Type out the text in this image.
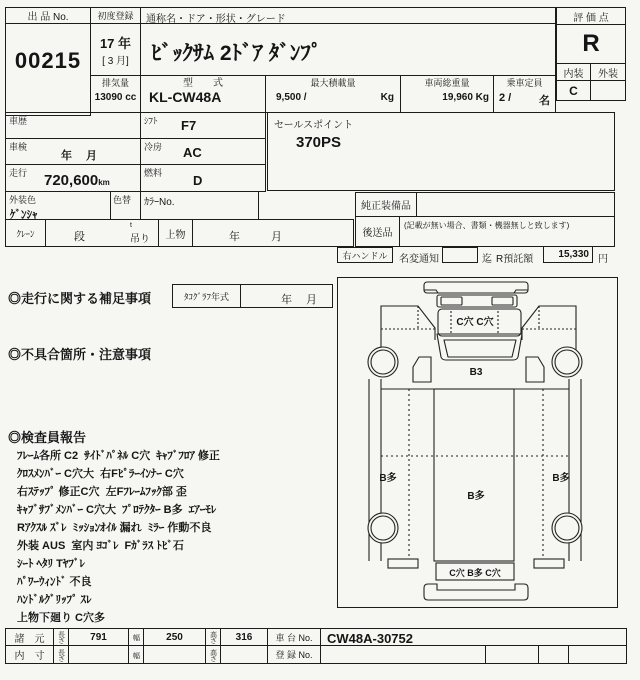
出 品 No.
00215
初度登録
17 年
[ 3 月]
通称名・ドア・形状・グレード
ﾋﾞｯｸｻﾑ 2ﾄﾞｱ ﾀﾞﾝﾌﾟ
排気量
13090 cc
型　　式
KL-CW48A
最大積載量
9,500 /	Kg
車両総重量
19,960 Kg
乗車定員
2 /	名
評 価 点
R
内装	外装
C
車歴	ｼﾌﾄ F7
車検
年　 月
冷房 AC
走行 720,600km
燃料 D
外装色
ｹﾞﾝｼｬ
色替 ｶﾗｰNo.
ｸﾚｰﾝ	段
t
吊り	上物	年	月
セールスポイント
370PS
純正装備品
後送品
(記載が無い場合、書類・機器無しと致します)
右ハンドル	名変通知	迄 R預託額	15,330 円
◎走行に関する補足事項	ﾀｺｸﾞﾗﾌ年式	年　 月
◎不具合箇所・注意事項
◎検査員報告
ﾌﾚｰﾑ各所 C2  ｻｲﾄﾞﾊﾟﾈﾙ C穴  ｷｬﾌﾞﾌﾛｱ 修正
ｸﾛｽﾒﾝﾊﾞｰ C穴大  右Fﾋﾟﾗｰｲﾝﾅｰ C穴
右ｽﾃｯﾌﾟ 修正C穴  左Fﾌﾚｰﾑﾌｯｸ部 歪
ｷｬﾌﾞｻﾌﾞﾒﾝﾊﾞｰ C穴大  ﾌﾟﾛﾃｸﾀｰ B多  ｴｱｰﾓﾚ
Rｱｸｽﾙ ｽﾞﾚ  ﾐｯｼｮﾝｵｲﾙ 漏れ  ﾐﾗｰ 作動不良
外装 AUS  室内 ﾖｺﾞﾚ  Fｶﾞﾗｽ ﾄﾋﾞ石
ｼｰﾄ ﾍﾀﾘ Tﾔﾌﾞﾚ
ﾊﾟﾜｰｳｨﾝﾄﾞ 不良
ﾊﾝﾄﾞﾙｸﾞﾘｯﾌﾟ ｽﾚ
上物下廻り C穴多
C穴 C穴
B3
B多
B多
B多
C穴 B多 C穴
諸　元	長さ	791	幅	250	高さ	316	車 台 No.	CW48A-30752
内　寸	長さ	幅	高さ	登 録 No.
